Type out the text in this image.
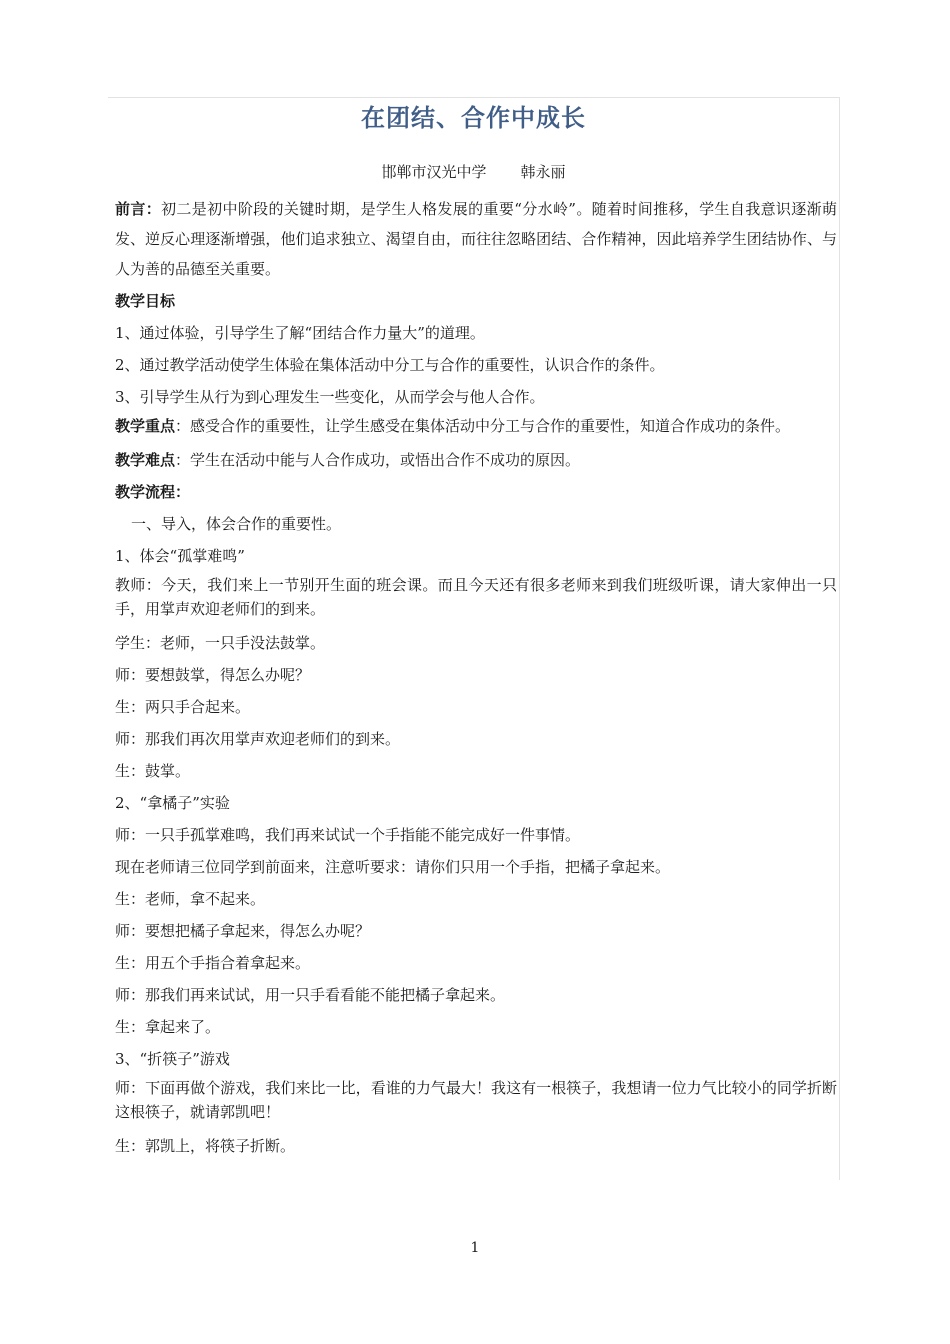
在团结、合作中成长
邯郸市汉光中学 韩永丽

前言：初二是初中阶段的关键时期，是学生人格发展的重要“分水岭”。随着时间推移，学生自我意识逐渐萌发、逆反心理逐渐增强，他们追求独立、渴望自由，而往往忽略团结、合作精神，因此培养学生团结协作、与人为善的品德至关重要。

教学目标

1、通过体验，引导学生了解“团结合作力量大”的道理。

2、通过教学活动使学生体验在集体活动中分工与合作的重要性，认识合作的条件。

3、引导学生从行为到心理发生一些变化，从而学会与他人合作。

教学重点：感受合作的重要性，让学生感受在集体活动中分工与合作的重要性，知道合作成功的条件。

教学难点：学生在活动中能与人合作成功，或悟出合作不成功的原因。

教学流程：

一、导入，体会合作的重要性。

1、体会“孤掌难鸣”

教师：今天，我们来上一节别开生面的班会课。而且今天还有很多老师来到我们班级听课，请大家伸出一只手，用掌声欢迎老师们的到来。

学生：老师，一只手没法鼓掌。

师：要想鼓掌，得怎么办呢？

生：两只手合起来。

师：那我们再次用掌声欢迎老师们的到来。

生：鼓掌。

2、“拿橘子”实验

师：一只手孤掌难鸣，我们再来试试一个手指能不能完成好一件事情。

现在老师请三位同学到前面来，注意听要求：请你们只用一个手指，把橘子拿起来。

生：老师，拿不起来。

师：要想把橘子拿起来，得怎么办呢？

生：用五个手指合着拿起来。

师：那我们再来试试，用一只手看看能不能把橘子拿起来。

生：拿起来了。

3、“折筷子”游戏

师：下面再做个游戏，我们来比一比，看谁的力气最大！我这有一根筷子，我想请一位力气比较小的同学折断这根筷子，就请郭凯吧！

生：郭凯上，将筷子折断。

1
